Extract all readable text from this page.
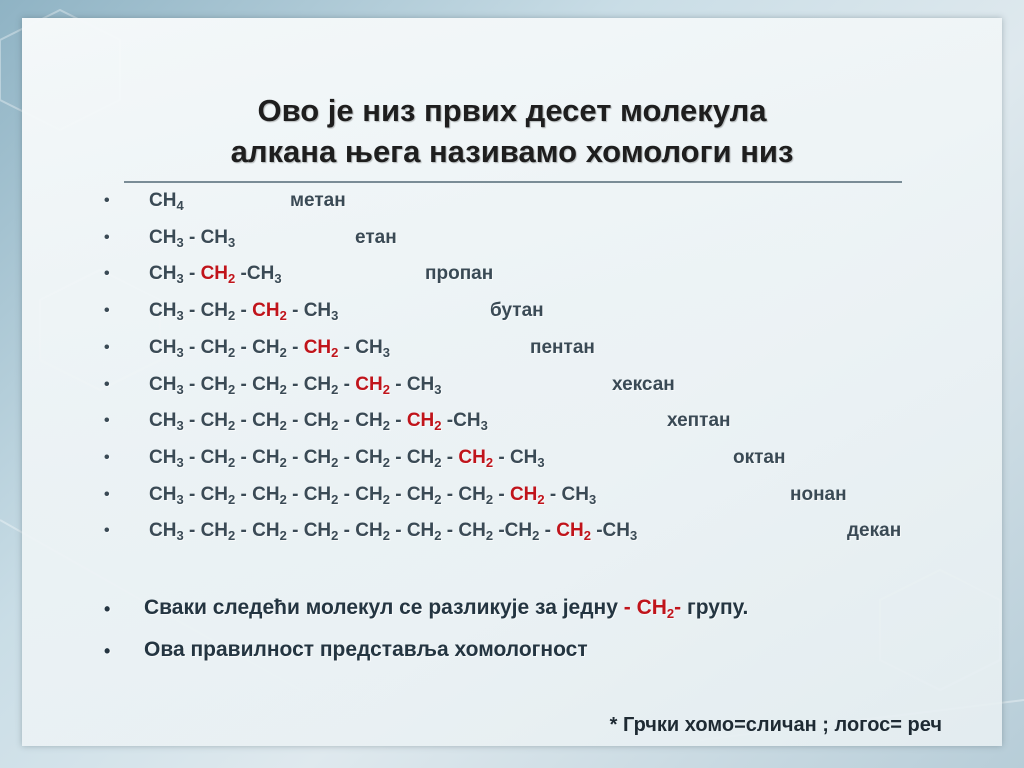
Ово је низ првих десет молекула
алкана њега називамо хомологи низ
• $CH_4$	метан
• $CH_3 - CH_3$	етан
• $CH_3 - CH_2$ $-CH_3$	пропан
• $CH_3 - CH_2 - CH_2 - CH_3$	бутан
• $CH_3 - CH_2 - CH_2 - CH_2 - CH_3$	пентан
• $CH_3 - CH_2 - CH_2 - CH_2 - CH_2 - CH_3$	хексан
• $CH_3 - CH_2 - CH_2 - CH_2 - CH_2 - CH_2$ $-CH_3$	хептан
• $CH_3 - CH_2 - CH_2 - CH_2 - CH_2 - CH_2 - CH_2 - CH_3$	октан
• $CH_3 - CH_2 - CH_2 - CH_2 - CH_2 - CH_2 - CH_2 - CH_2 - CH_3$	нонан
• $CH_3 - CH_2 - CH_2 - CH_2 - CH_2 - CH_2 - CH_2$ $-CH_2 - CH_2$ $-CH_3$	декан
• Сваки следећи молекул се разликује за једну - $CH_2-$ групу.
• Ова правилност представља хомологност
* Грчки хомо=сличан ; логос= реч
